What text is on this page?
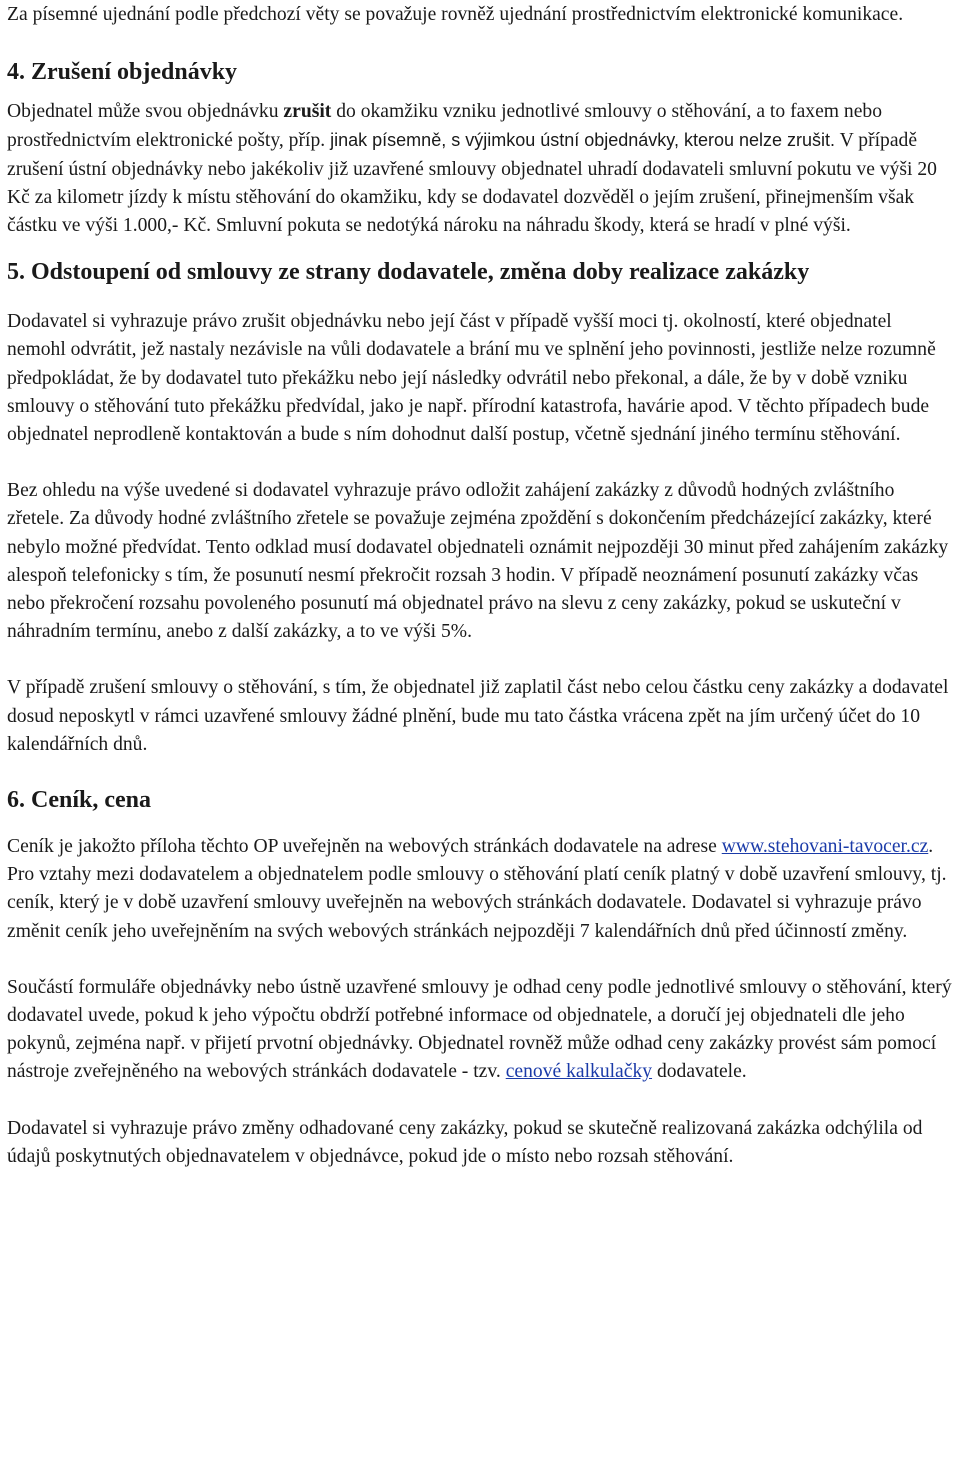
Za písemné ujednání podle předchozí věty se považuje rovněž ujednání prostřednictvím elektronické komunikace.

4. Zrušení objednávky

Objednatel může svou objednávku zrušit do okamžiku vzniku jednotlivé smlouvy o stěhování, a to faxem nebo prostřednictvím elektronické pošty, příp. jinak písemně, s výjimkou ústní objednávky, kterou nelze zrušit. V případě zrušení ústní objednávky nebo jakékoliv již uzavřené smlouvy objednatel uhradí dodavateli smluvní pokutu ve výši 20 Kč za kilometr jízdy k místu stěhování do okamžiku, kdy se dodavatel dozvěděl o jejím zrušení, přinejmenším však částku ve výši 1.000,- Kč. Smluvní pokuta se nedotýká nároku na náhradu škody, která se hradí v plné výši.

5. Odstoupení od smlouvy ze strany dodavatele, změna doby realizace zakázky

Dodavatel si vyhrazuje právo zrušit objednávku nebo její část v případě vyšší moci tj. okolností, které objednatel nemohl odvrátit, jež nastaly nezávisle na vůli dodavatele a brání mu ve splnění jeho povinnosti, jestliže nelze rozumně předpokládat, že by dodavatel tuto překážku nebo její následky odvrátil nebo překonal, a dále, že by v době vzniku smlouvy o stěhování tuto překážku předvídal, jako je např. přírodní katastrofa, havárie apod. V těchto případech bude objednatel neprodleně kontaktován a bude s ním dohodnut další postup, včetně sjednání jiného termínu stěhování.

Bez ohledu na výše uvedené si dodavatel vyhrazuje právo odložit zahájení zakázky z důvodů hodných zvláštního zřetele. Za důvody hodné zvláštního zřetele se považuje zejména zpoždění s dokončením předcházející zakázky, které nebylo možné předvídat. Tento odklad musí dodavatel objednateli oznámit nejpozději 30 minut před zahájením zakázky alespoň telefonicky s tím, že posunutí nesmí překročit rozsah 3 hodin. V případě neoznámení posunutí zakázky včas nebo překročení rozsahu povoleného posunutí má objednatel právo na slevu z ceny zakázky, pokud se uskuteční v náhradním termínu, anebo z další zakázky, a to ve výši 5%.

V případě zrušení smlouvy o stěhování, s tím, že objednatel již zaplatil část nebo celou částku ceny zakázky a dodavatel dosud neposkytl v rámci uzavřené smlouvy žádné plnění, bude mu tato částka vrácena zpět na jím určený účet do 10 kalendářních dnů.

6. Ceník, cena

Ceník je jakožto příloha těchto OP uveřejněn na webových stránkách dodavatele na adrese www.stehovani-tavocer.cz. Pro vztahy mezi dodavatelem a objednatelem podle smlouvy o stěhování platí ceník platný v době uzavření smlouvy, tj. ceník, který je v době uzavření smlouvy uveřejněn na webových stránkách dodavatele. Dodavatel si vyhrazuje právo změnit ceník jeho uveřejněním na svých webových stránkách nejpozději 7 kalendářních dnů před účinností změny.

Součástí formuláře objednávky nebo ústně uzavřené smlouvy je odhad ceny podle jednotlivé smlouvy o stěhování, který dodavatel uvede, pokud k jeho výpočtu obdrží potřebné informace od objednatele, a doručí jej objednateli dle jeho pokynů, zejména např. v přijetí prvotní objednávky. Objednatel rovněž může odhad ceny zakázky provést sám pomocí nástroje zveřejněného na webových stránkách dodavatele - tzv. cenové kalkulačky dodavatele.

Dodavatel si vyhrazuje právo změny odhadované ceny zakázky, pokud se skutečně realizovaná zakázka odchýlila od údajů poskytnutých objednavatelem v objednávce, pokud jde o místo nebo rozsah stěhování.
